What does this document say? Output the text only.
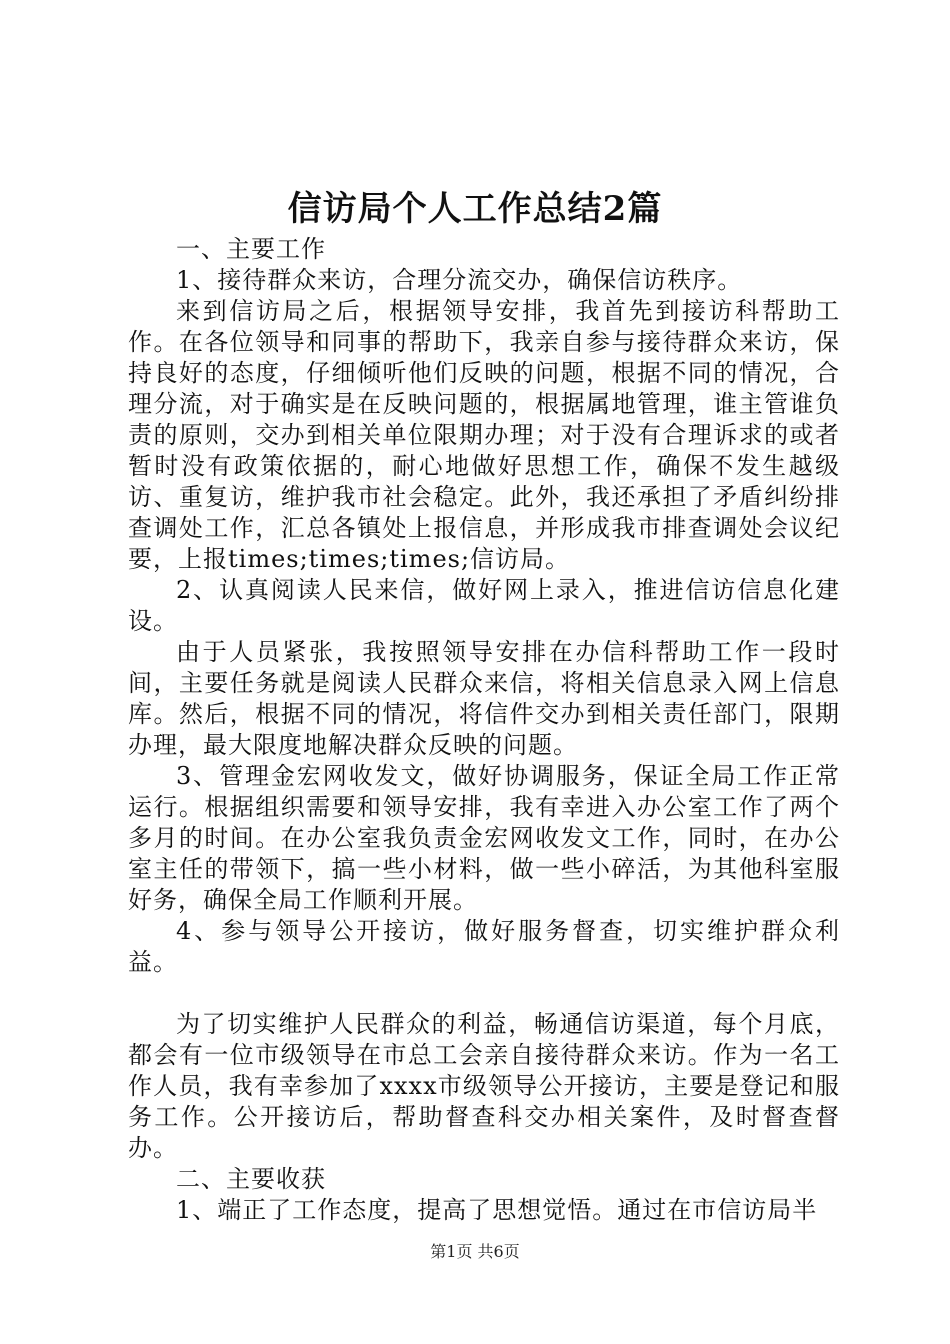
信访局个人工作总结2篇

一、主要工作

1、接待群众来访，合理分流交办，确保信访秩序。

来到信访局之后，根据领导安排，我首先到接访科帮助工作。在各位领导和同事的帮助下，我亲自参与接待群众来访，保持良好的态度，仔细倾听他们反映的问题，根据不同的情况，合理分流，对于确实是在反映问题的，根据属地管理，谁主管谁负责的原则，交办到相关单位限期办理；对于没有合理诉求的或者暂时没有政策依据的，耐心地做好思想工作，确保不发生越级访、重复访，维护我市社会稳定。此外，我还承担了矛盾纠纷排查调处工作，汇总各镇处上报信息，并形成我市排查调处会议纪要，上报times;times;times;信访局。

2、认真阅读人民来信，做好网上录入，推进信访信息化建设。

由于人员紧张，我按照领导安排在办信科帮助工作一段时间，主要任务就是阅读人民群众来信，将相关信息录入网上信息库。然后，根据不同的情况，将信件交办到相关责任部门，限期办理，最大限度地解决群众反映的问题。

3、管理金宏网收发文，做好协调服务，保证全局工作正常运行。根据组织需要和领导安排，我有幸进入办公室工作了两个多月的时间。在办公室我负责金宏网收发文工作，同时，在办公室主任的带领下，搞一些小材料，做一些小碎活，为其他科室服好务，确保全局工作顺利开展。

4、参与领导公开接访，做好服务督查，切实维护群众利益。

为了切实维护人民群众的利益，畅通信访渠道，每个月底，都会有一位市级领导在市总工会亲自接待群众来访。作为一名工作人员，我有幸参加了xxxx市级领导公开接访，主要是登记和服务工作。公开接访后，帮助督查科交办相关案件，及时督查督办。

二、主要收获

1、端正了工作态度，提高了思想觉悟。通过在市信访局半

第1页 共6页
